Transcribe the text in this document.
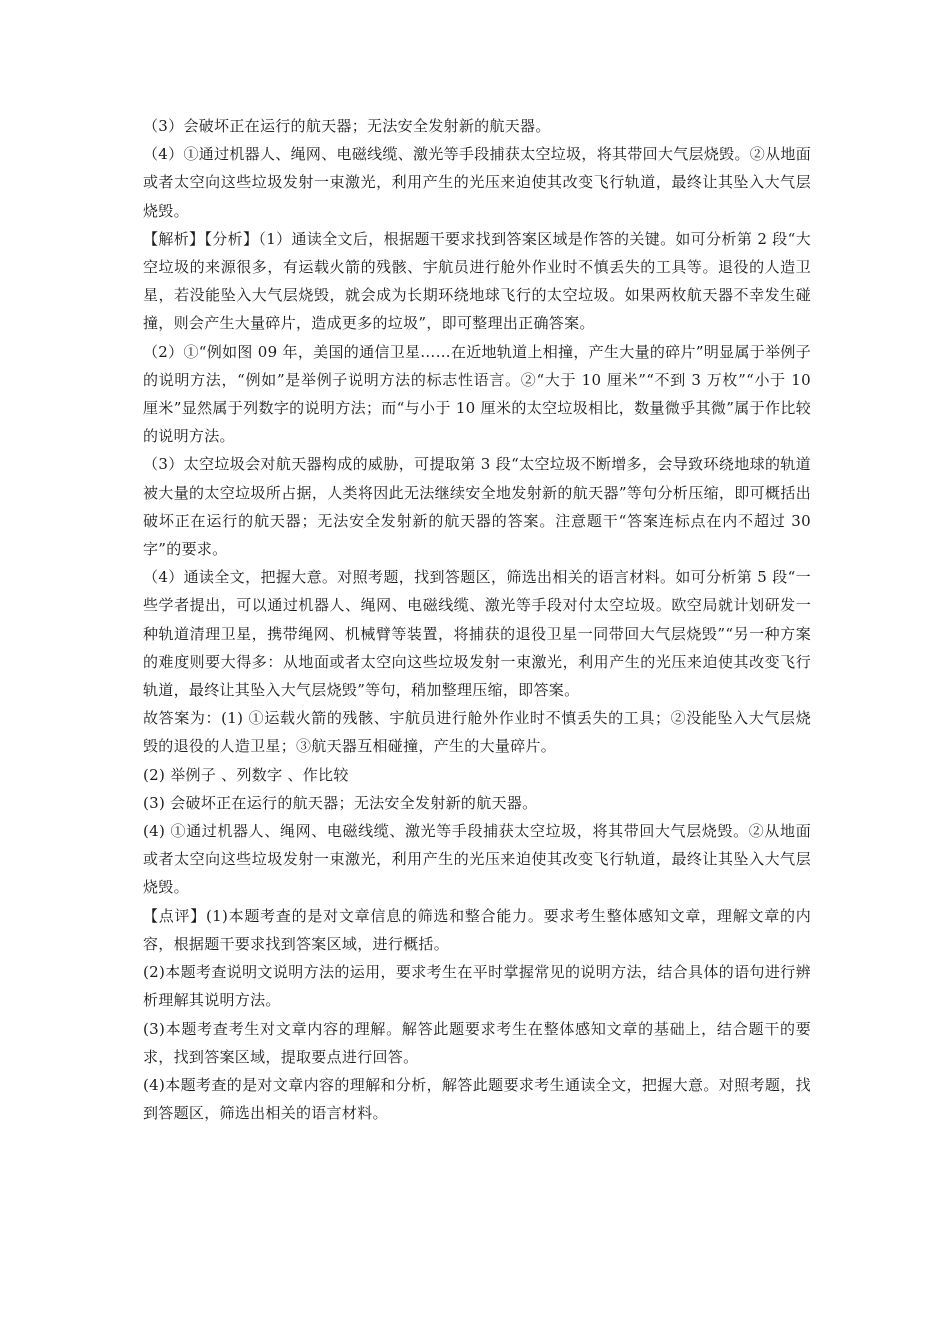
（3）会破坏正在运行的航天器；无法安全发射新的航天器。

（4）①通过机器人、绳网、电磁线缆、激光等手段捕获太空垃圾，将其带回大气层烧毁。②从地面或者太空向这些垃圾发射一束激光，利用产生的光压来迫使其改变飞行轨道，最终让其坠入大气层烧毁。

【解析】【分析】（1）通读全文后，根据题干要求找到答案区域是作答的关键。如可分析第 2 段“大空垃圾的来源很多，有运载火箭的残骸、宇航员进行舱外作业时不慎丢失的工具等。退役的人造卫星，若没能坠入大气层烧毁，就会成为长期环绕地球飞行的太空垃圾。如果两枚航天器不幸发生碰撞，则会产生大量碎片，造成更多的垃圾”，即可整理出正确答案。

（2）①“例如图 09 年，美国的通信卫星……在近地轨道上相撞，产生大量的碎片”明显属于举例子的说明方法，“例如”是举例子说明方法的标志性语言。②“大于 10 厘米”“不到 3 万枚”“小于 10 厘米”显然属于列数字的说明方法；而“与小于 10 厘米的太空垃圾相比，数量微乎其微”属于作比较的说明方法。

（3）太空垃圾会对航天器构成的威胁，可提取第 3 段“太空垃圾不断增多，会导致环绕地球的轨道被大量的太空垃圾所占据，人类将因此无法继续安全地发射新的航天器”等句分析压缩，即可概括出破坏正在运行的航天器；无法安全发射新的航天器的答案。注意题干“答案连标点在内不超过 30 字”的要求。

（4）通读全文，把握大意。对照考题，找到答题区，筛选出相关的语言材料。如可分析第 5 段“一些学者提出，可以通过机器人、绳网、电磁线缆、激光等手段对付太空垃圾。欧空局就计划研发一种轨道清理卫星，携带绳网、机械臂等装置，将捕获的退役卫星一同带回大气层烧毁”“另一种方案的难度则要大得多：从地面或者太空向这些垃圾发射一束激光，利用产生的光压来迫使其改变飞行轨道，最终让其坠入大气层烧毁”等句，稍加整理压缩，即答案。

故答案为：(1) ①运载火箭的残骸、宇航员进行舱外作业时不慎丢失的工具；②没能坠入大气层烧毁的退役的人造卫星；③航天器互相碰撞，产生的大量碎片。

(2) 举例子 、列数字 、作比较

(3) 会破坏正在运行的航天器；无法安全发射新的航天器。

(4) ①通过机器人、绳网、电磁线缆、激光等手段捕获太空垃圾，将其带回大气层烧毁。②从地面或者太空向这些垃圾发射一束激光，利用产生的光压来迫使其改变飞行轨道，最终让其坠入大气层烧毁。

【点评】(1)本题考查的是对文章信息的筛选和整合能力。要求考生整体感知文章，理解文章的内容，根据题干要求找到答案区域，进行概括。

(2)本题考查说明文说明方法的运用，要求考生在平时掌握常见的说明方法，结合具体的语句进行辨析理解其说明方法。

(3)本题考查考生对文章内容的理解。解答此题要求考生在整体感知文章的基础上，结合题干的要求，找到答案区域，提取要点进行回答。

(4)本题考查的是对文章内容的理解和分析，解答此题要求考生通读全文，把握大意。对照考题，找到答题区，筛选出相关的语言材料。
